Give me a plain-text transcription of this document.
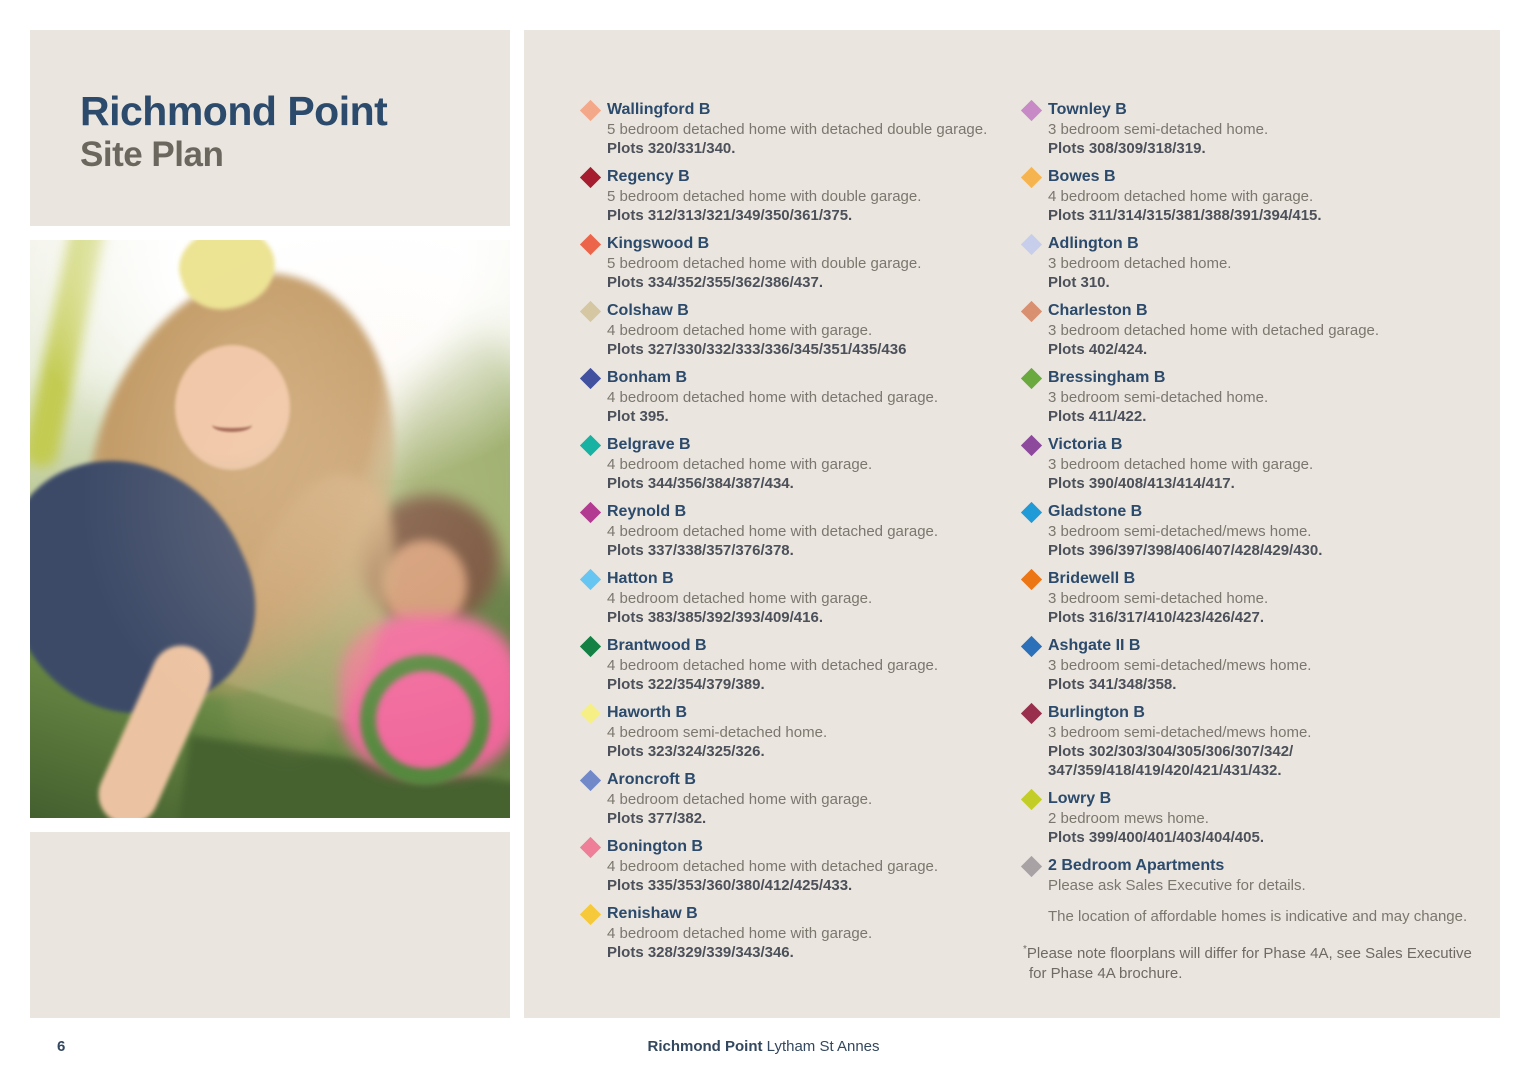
Richmond Point
Site Plan
Wallingford B
5 bedroom detached home with detached double garage.
Plots 320/331/340.
Regency B
5 bedroom detached home with double garage.
Plots 312/313/321/349/350/361/375.
Kingswood B
5 bedroom detached home with double garage.
Plots 334/352/355/362/386/437.
Colshaw B
4 bedroom detached home with garage.
Plots 327/330/332/333/336/345/351/435/436
Bonham B
4 bedroom detached home with detached garage.
Plot 395.
Belgrave B
4 bedroom detached home with garage.
Plots 344/356/384/387/434.
Reynold B
4 bedroom detached home with detached garage.
Plots 337/338/357/376/378.
Hatton B
4 bedroom detached home with garage.
Plots 383/385/392/393/409/416.
Brantwood B
4 bedroom detached home with detached garage.
Plots 322/354/379/389.
Haworth B
4 bedroom semi-detached home.
Plots 323/324/325/326.
Aroncroft B
4 bedroom detached home with garage.
Plots 377/382.
Bonington B
4 bedroom detached home with detached garage.
Plots 335/353/360/380/412/425/433.
Renishaw B
4 bedroom detached home with garage.
Plots 328/329/339/343/346.
Townley B
3 bedroom semi-detached home.
Plots 308/309/318/319.
Bowes B
4 bedroom detached home with garage.
Plots 311/314/315/381/388/391/394/415.
Adlington B
3 bedroom detached home.
Plot 310.
Charleston B
3 bedroom detached home with detached garage.
Plots 402/424.
Bressingham B
3 bedroom semi-detached home.
Plots 411/422.
Victoria B
3 bedroom detached home with garage.
Plots 390/408/413/414/417.
Gladstone B
3 bedroom semi-detached/mews home.
Plots 396/397/398/406/407/428/429/430.
Bridewell B
3 bedroom semi-detached home.
Plots 316/317/410/423/426/427.
Ashgate II B
3 bedroom semi-detached/mews home.
Plots 341/348/358.
Burlington B
3 bedroom semi-detached/mews home.
Plots 302/303/304/305/306/307/342/
347/359/418/419/420/421/431/432.
Lowry B
2 bedroom mews home.
Plots 399/400/401/403/404/405.
2 Bedroom Apartments
Please ask Sales Executive for details.
The location of affordable homes is indicative and may change.
*Please note floorplans will differ for Phase 4A, see Sales Executive
for Phase 4A brochure.
6	Richmond Point Lytham St Annes
